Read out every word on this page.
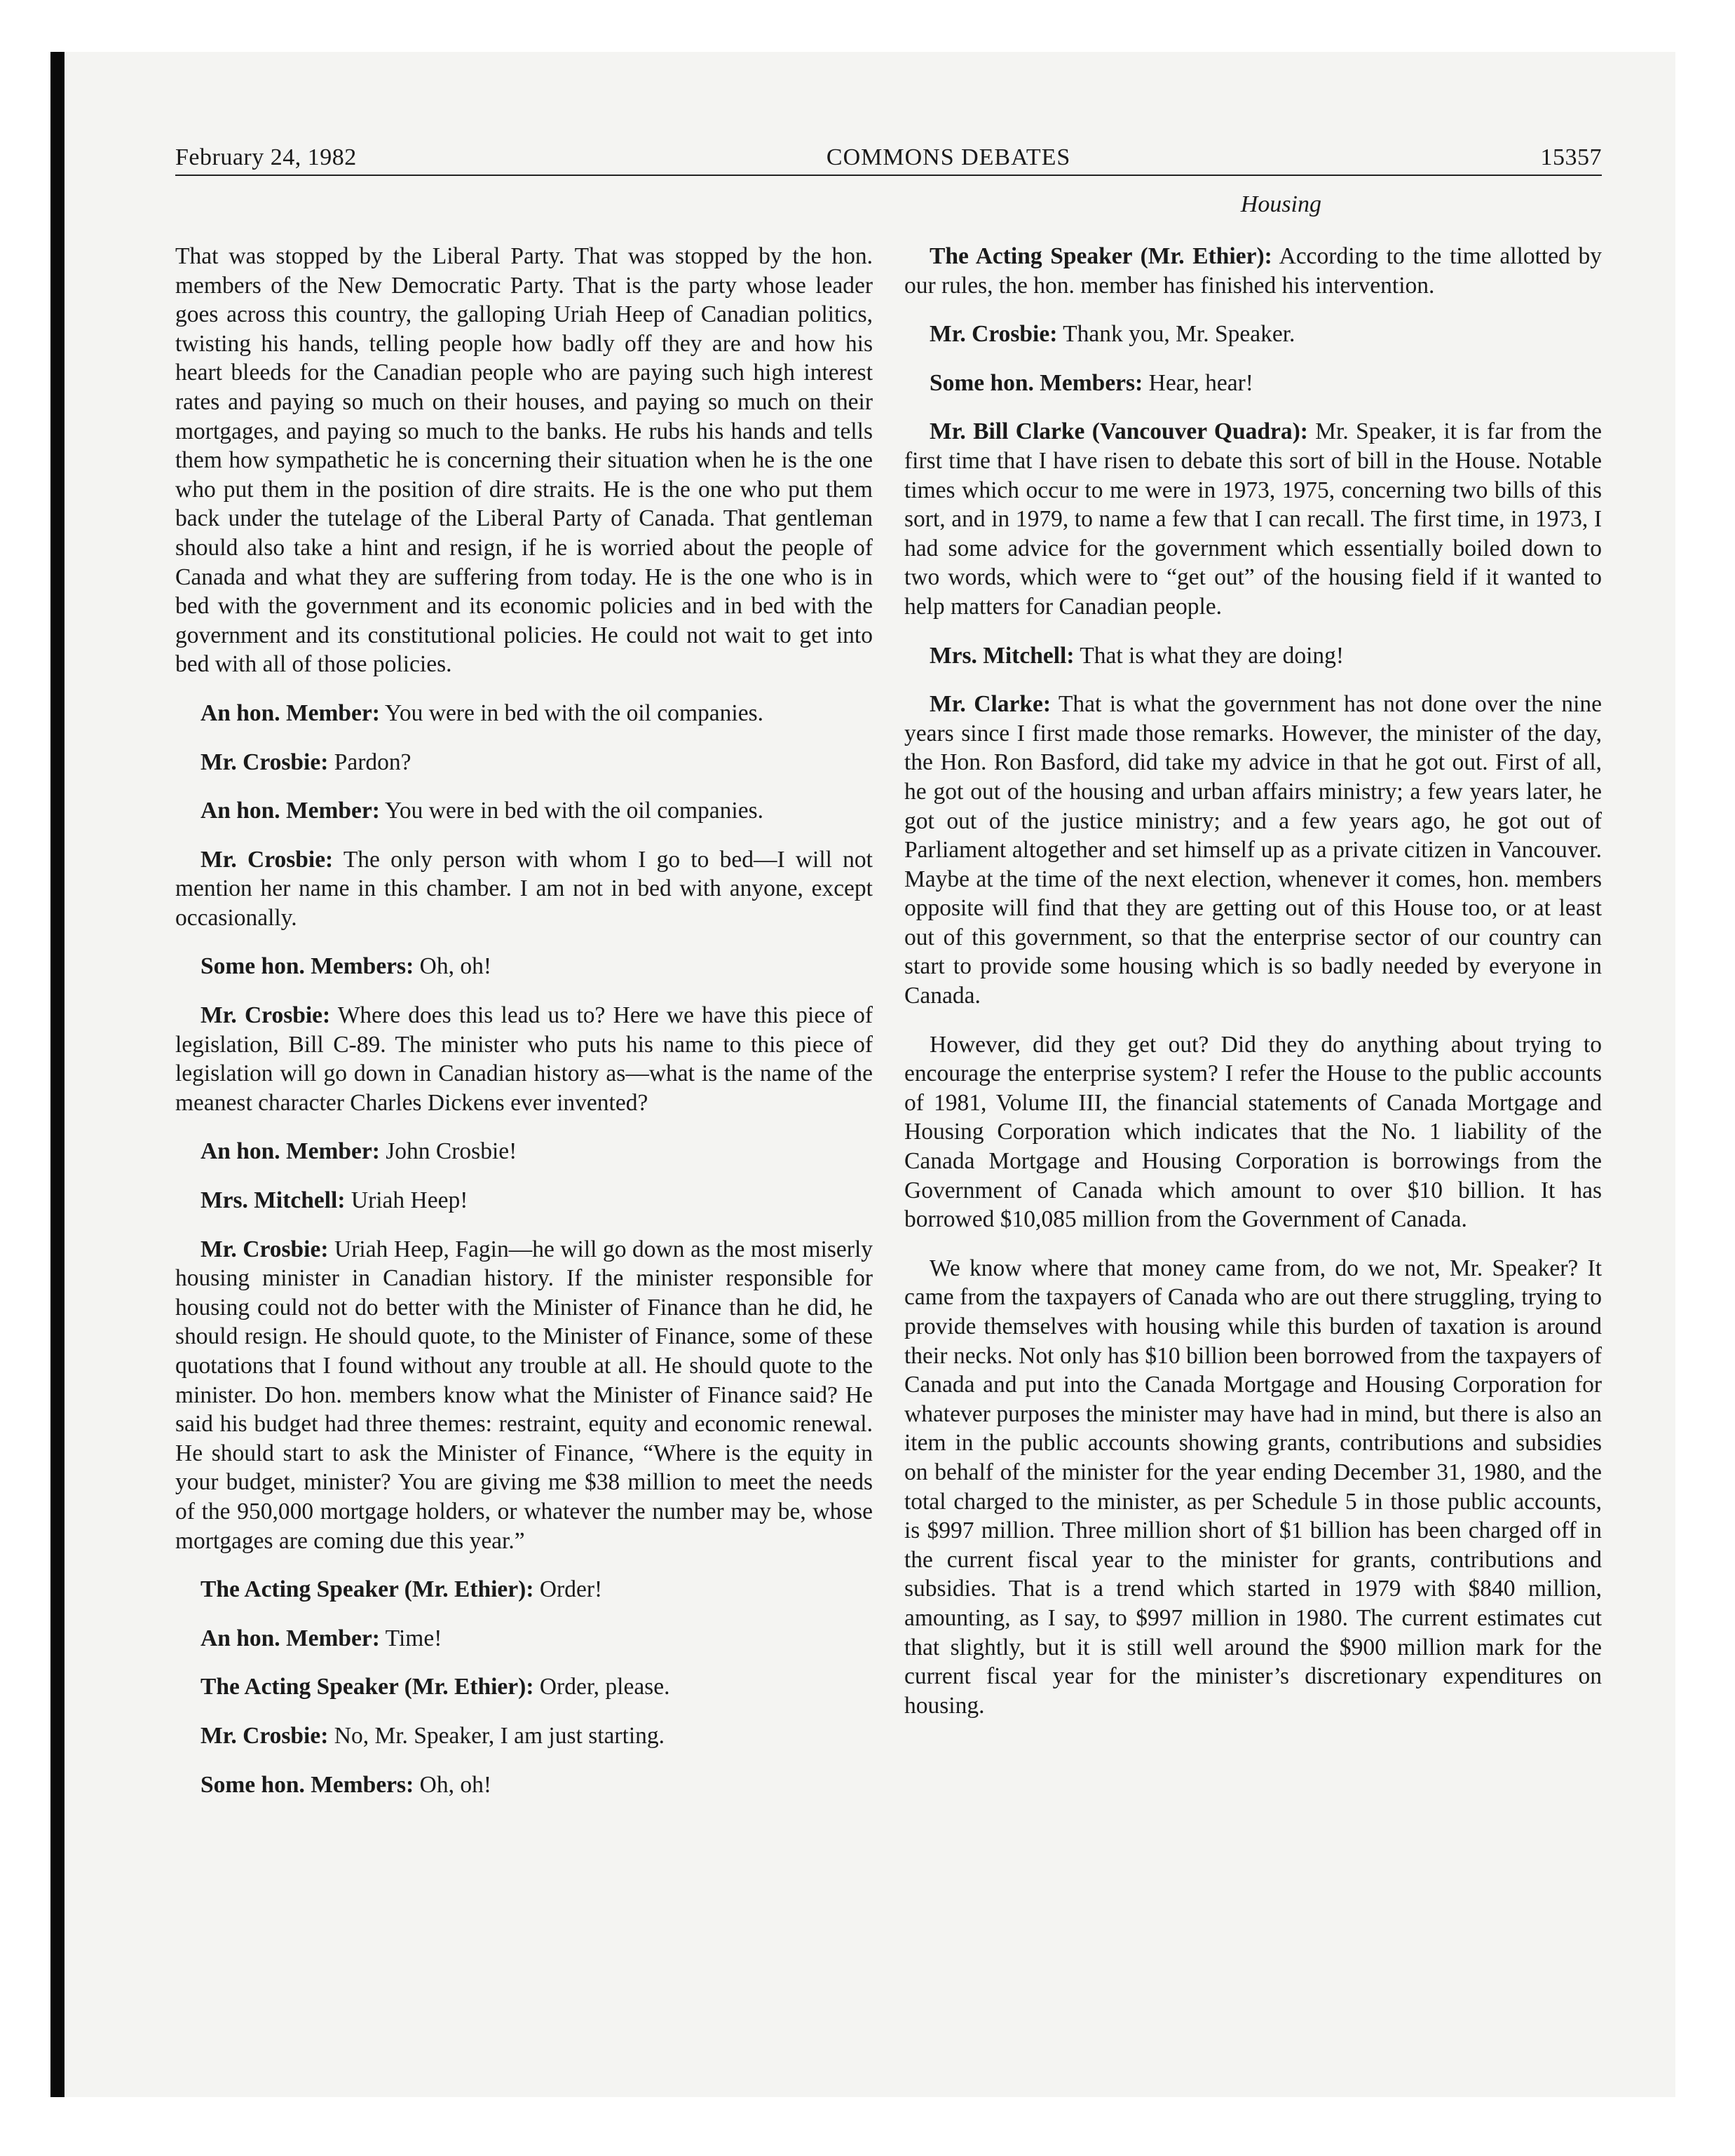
February 24, 1982	COMMONS DEBATES	15357
Housing

That was stopped by the Liberal Party. That was stopped by the hon. members of the New Democratic Party. That is the party whose leader goes across this country, the galloping Uriah Heep of Canadian politics, twisting his hands, telling people how badly off they are and how his heart bleeds for the Canadian people who are paying such high interest rates and paying so much on their houses, and paying so much on their mortgages, and paying so much to the banks. He rubs his hands and tells them how sympathetic he is concerning their situation when he is the one who put them in the position of dire straits. He is the one who put them back under the tutelage of the Liberal Party of Canada. That gentleman should also take a hint and resign, if he is worried about the people of Canada and what they are suffering from today. He is the one who is in bed with the government and its economic policies and in bed with the government and its constitutional policies. He could not wait to get into bed with all of those policies.

An hon. Member: You were in bed with the oil companies.

Mr. Crosbie: Pardon?

An hon. Member: You were in bed with the oil companies.

Mr. Crosbie: The only person with whom I go to bed—I will not mention her name in this chamber. I am not in bed with anyone, except occasionally.

Some hon. Members: Oh, oh!

Mr. Crosbie: Where does this lead us to? Here we have this piece of legislation, Bill C-89. The minister who puts his name to this piece of legislation will go down in Canadian history as—what is the name of the meanest character Charles Dickens ever invented?

An hon. Member: John Crosbie!

Mrs. Mitchell: Uriah Heep!

Mr. Crosbie: Uriah Heep, Fagin—he will go down as the most miserly housing minister in Canadian history. If the minister responsible for housing could not do better with the Minister of Finance than he did, he should resign. He should quote, to the Minister of Finance, some of these quotations that I found without any trouble at all. He should quote to the minister. Do hon. members know what the Minister of Finance said? He said his budget had three themes: restraint, equity and economic renewal. He should start to ask the Minister of Finance, “Where is the equity in your budget, minister? You are giving me $38 million to meet the needs of the 950,000 mortgage holders, or whatever the number may be, whose mortgages are coming due this year.”

The Acting Speaker (Mr. Ethier): Order!

An hon. Member: Time!

The Acting Speaker (Mr. Ethier): Order, please.

Mr. Crosbie: No, Mr. Speaker, I am just starting.

Some hon. Members: Oh, oh!

The Acting Speaker (Mr. Ethier): According to the time allotted by our rules, the hon. member has finished his intervention.

Mr. Crosbie: Thank you, Mr. Speaker.

Some hon. Members: Hear, hear!

Mr. Bill Clarke (Vancouver Quadra): Mr. Speaker, it is far from the first time that I have risen to debate this sort of bill in the House. Notable times which occur to me were in 1973, 1975, concerning two bills of this sort, and in 1979, to name a few that I can recall. The first time, in 1973, I had some advice for the government which essentially boiled down to two words, which were to “get out” of the housing field if it wanted to help matters for Canadian people.

Mrs. Mitchell: That is what they are doing!

Mr. Clarke: That is what the government has not done over the nine years since I first made those remarks. However, the minister of the day, the Hon. Ron Basford, did take my advice in that he got out. First of all, he got out of the housing and urban affairs ministry; a few years later, he got out of the justice ministry; and a few years ago, he got out of Parliament altogether and set himself up as a private citizen in Vancouver. Maybe at the time of the next election, whenever it comes, hon. members opposite will find that they are getting out of this House too, or at least out of this government, so that the enterprise sector of our country can start to provide some housing which is so badly needed by everyone in Canada.

However, did they get out? Did they do anything about trying to encourage the enterprise system? I refer the House to the public accounts of 1981, Volume III, the financial statements of Canada Mortgage and Housing Corporation which indicates that the No. 1 liability of the Canada Mortgage and Housing Corporation is borrowings from the Government of Canada which amount to over $10 billion. It has borrowed $10,085 million from the Government of Canada.

We know where that money came from, do we not, Mr. Speaker? It came from the taxpayers of Canada who are out there struggling, trying to provide themselves with housing while this burden of taxation is around their necks. Not only has $10 billion been borrowed from the taxpayers of Canada and put into the Canada Mortgage and Housing Corporation for whatever purposes the minister may have had in mind, but there is also an item in the public accounts showing grants, contributions and subsidies on behalf of the minister for the year ending December 31, 1980, and the total charged to the minister, as per Schedule 5 in those public accounts, is $997 million. Three million short of $1 billion has been charged off in the current fiscal year to the minister for grants, contributions and subsidies. That is a trend which started in 1979 with $840 million, amounting, as I say, to $997 million in 1980. The current estimates cut that slightly, but it is still well around the $900 million mark for the current fiscal year for the minister’s discretionary expenditures on housing.
